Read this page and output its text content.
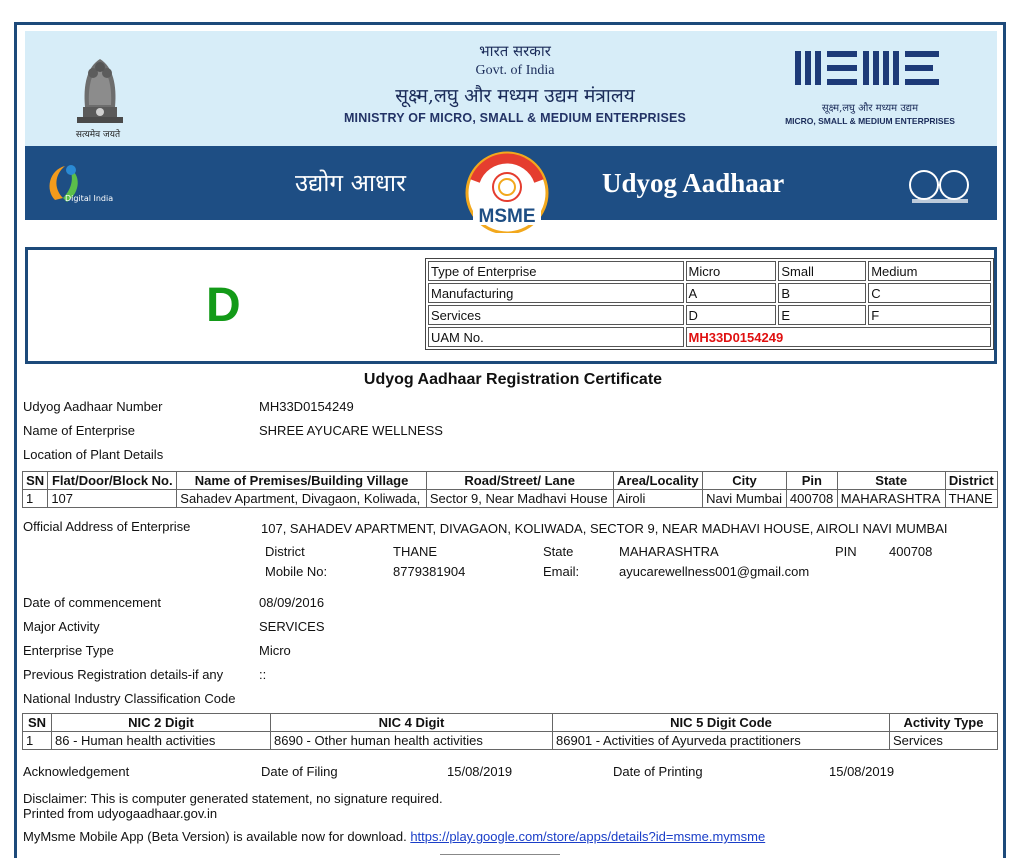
सत्यमेव जयते
भारत सरकार
Govt. of India
सूक्ष्म,लघु और मध्यम उद्यम मंत्रालय
MINISTRY OF MICRO, SMALL & MEDIUM ENTERPRISES
सूक्ष्म,लघु और मध्यम उद्यम
MICRO, SMALL & MEDIUM ENTERPRISES
Digital India
उद्योग आधार	Udyog Aadhaar
MSME
D
Type of Enterprise	Micro	Small	Medium
Manufacturing	A	B	C
Services	D	E	F
UAM No.	MH33D0154249		
Udyog Aadhaar Registration Certificate
Udyog Aadhaar Number	MH33D0154249
Name of Enterprise	SHREE AYUCARE WELLNESS
Location of Plant Details
SN	Flat/Door/Block No.	Name of Premises/Building Village	Road/Street/ Lane	Area/Locality	City	Pin	State	District
1	107	Sahadev Apartment, Divagaon, Koliwada,	Sector 9, Near Madhavi House	Airoli	Navi Mumbai	400708	MAHARASHTRA	THANE
Official Address of Enterprise	107, SAHADEV APARTMENT, DIVAGAON, KOLIWADA, SECTOR 9, NEAR MADHAVI HOUSE, AIROLI NAVI MUMBAI
District	THANE	State	MAHARASHTRA	PIN 400708
Mobile No:	8779381904	Email:	ayucarewellness001@gmail.com
Date of commencement	08/09/2016
Major Activity	SERVICES
Enterprise Type	Micro
Previous Registration details-if any	::
National Industry Classification Code
SN	NIC 2 Digit	NIC 4 Digit	NIC 5 Digit Code	Activity Type
1	86 - Human health activities	8690 - Other human health activities	86901 - Activities of Ayurveda practitioners	Services
Acknowledgement	Date of Filing	15/08/2019	Date of Printing	15/08/2019
Disclaimer: This is computer generated statement, no signature required.
Printed from udyogaadhaar.gov.in
MyMsme Mobile App (Beta Version) is available now for download. https://play.google.com/store/apps/details?id=msme.mymsme
